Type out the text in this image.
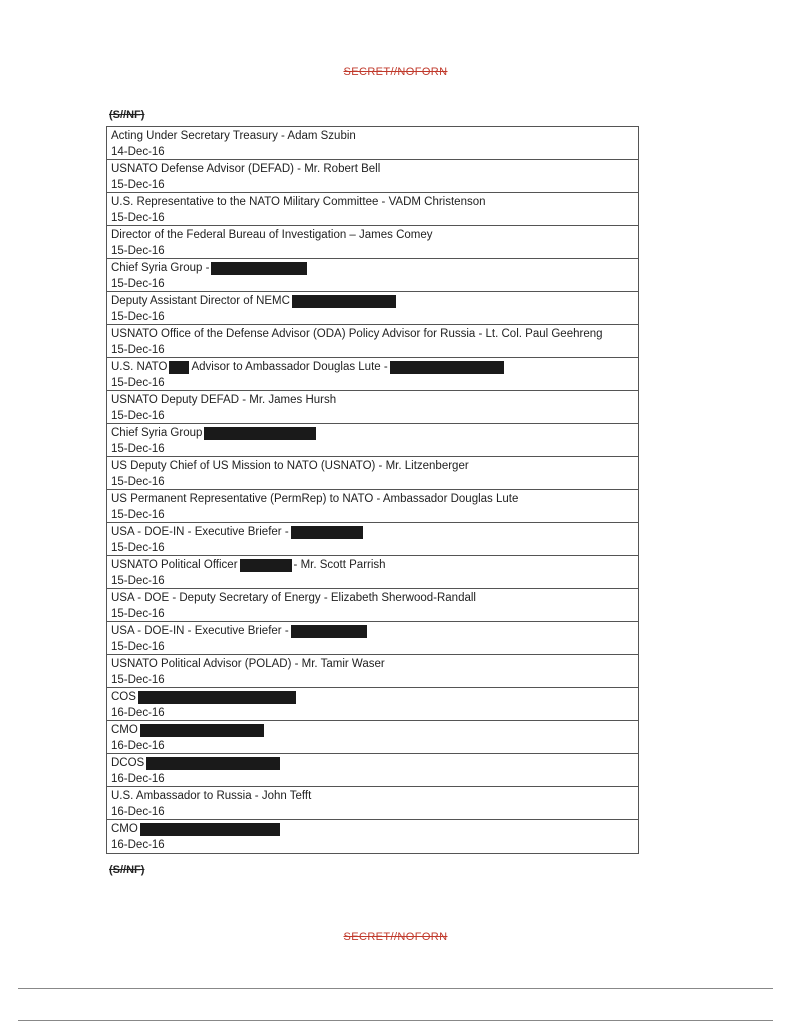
SECRET//NOFORN
(S//NF)
Acting Under Secretary Treasury - Adam Szubin
14-Dec-16
USNATO Defense Advisor (DEFAD) - Mr. Robert Bell
15-Dec-16
U.S. Representative to the NATO Military Committee - VADM Christenson
15-Dec-16
Director of the Federal Bureau of Investigation – James Comey
15-Dec-16
Chief Syria Group -
15-Dec-16
Deputy Assistant Director of NEMC
15-Dec-16
USNATO Office of the Defense Advisor (ODA) Policy Advisor for Russia - Lt. Col. Paul Geehreng
15-Dec-16
U.S. NATO Advisor to Ambassador Douglas Lute -
15-Dec-16
USNATO Deputy DEFAD - Mr. James Hursh
15-Dec-16
Chief Syria Group
15-Dec-16
US Deputy Chief of US Mission to NATO (USNATO) - Mr. Litzenberger
15-Dec-16
US Permanent Representative (PermRep) to NATO - Ambassador Douglas Lute
15-Dec-16
USA - DOE-IN - Executive Briefer -
15-Dec-16
USNATO Political Officer	- Mr. Scott Parrish
15-Dec-16
USA - DOE - Deputy Secretary of Energy - Elizabeth Sherwood-Randall
15-Dec-16
USA - DOE-IN - Executive Briefer -
15-Dec-16
USNATO Political Advisor (POLAD) - Mr. Tamir Waser
15-Dec-16
COS
16-Dec-16
CMO
16-Dec-16
DCOS
16-Dec-16
U.S. Ambassador to Russia - John Tefft
16-Dec-16
CMO
16-Dec-16
(S//NF)
SECRET//NOFORN
